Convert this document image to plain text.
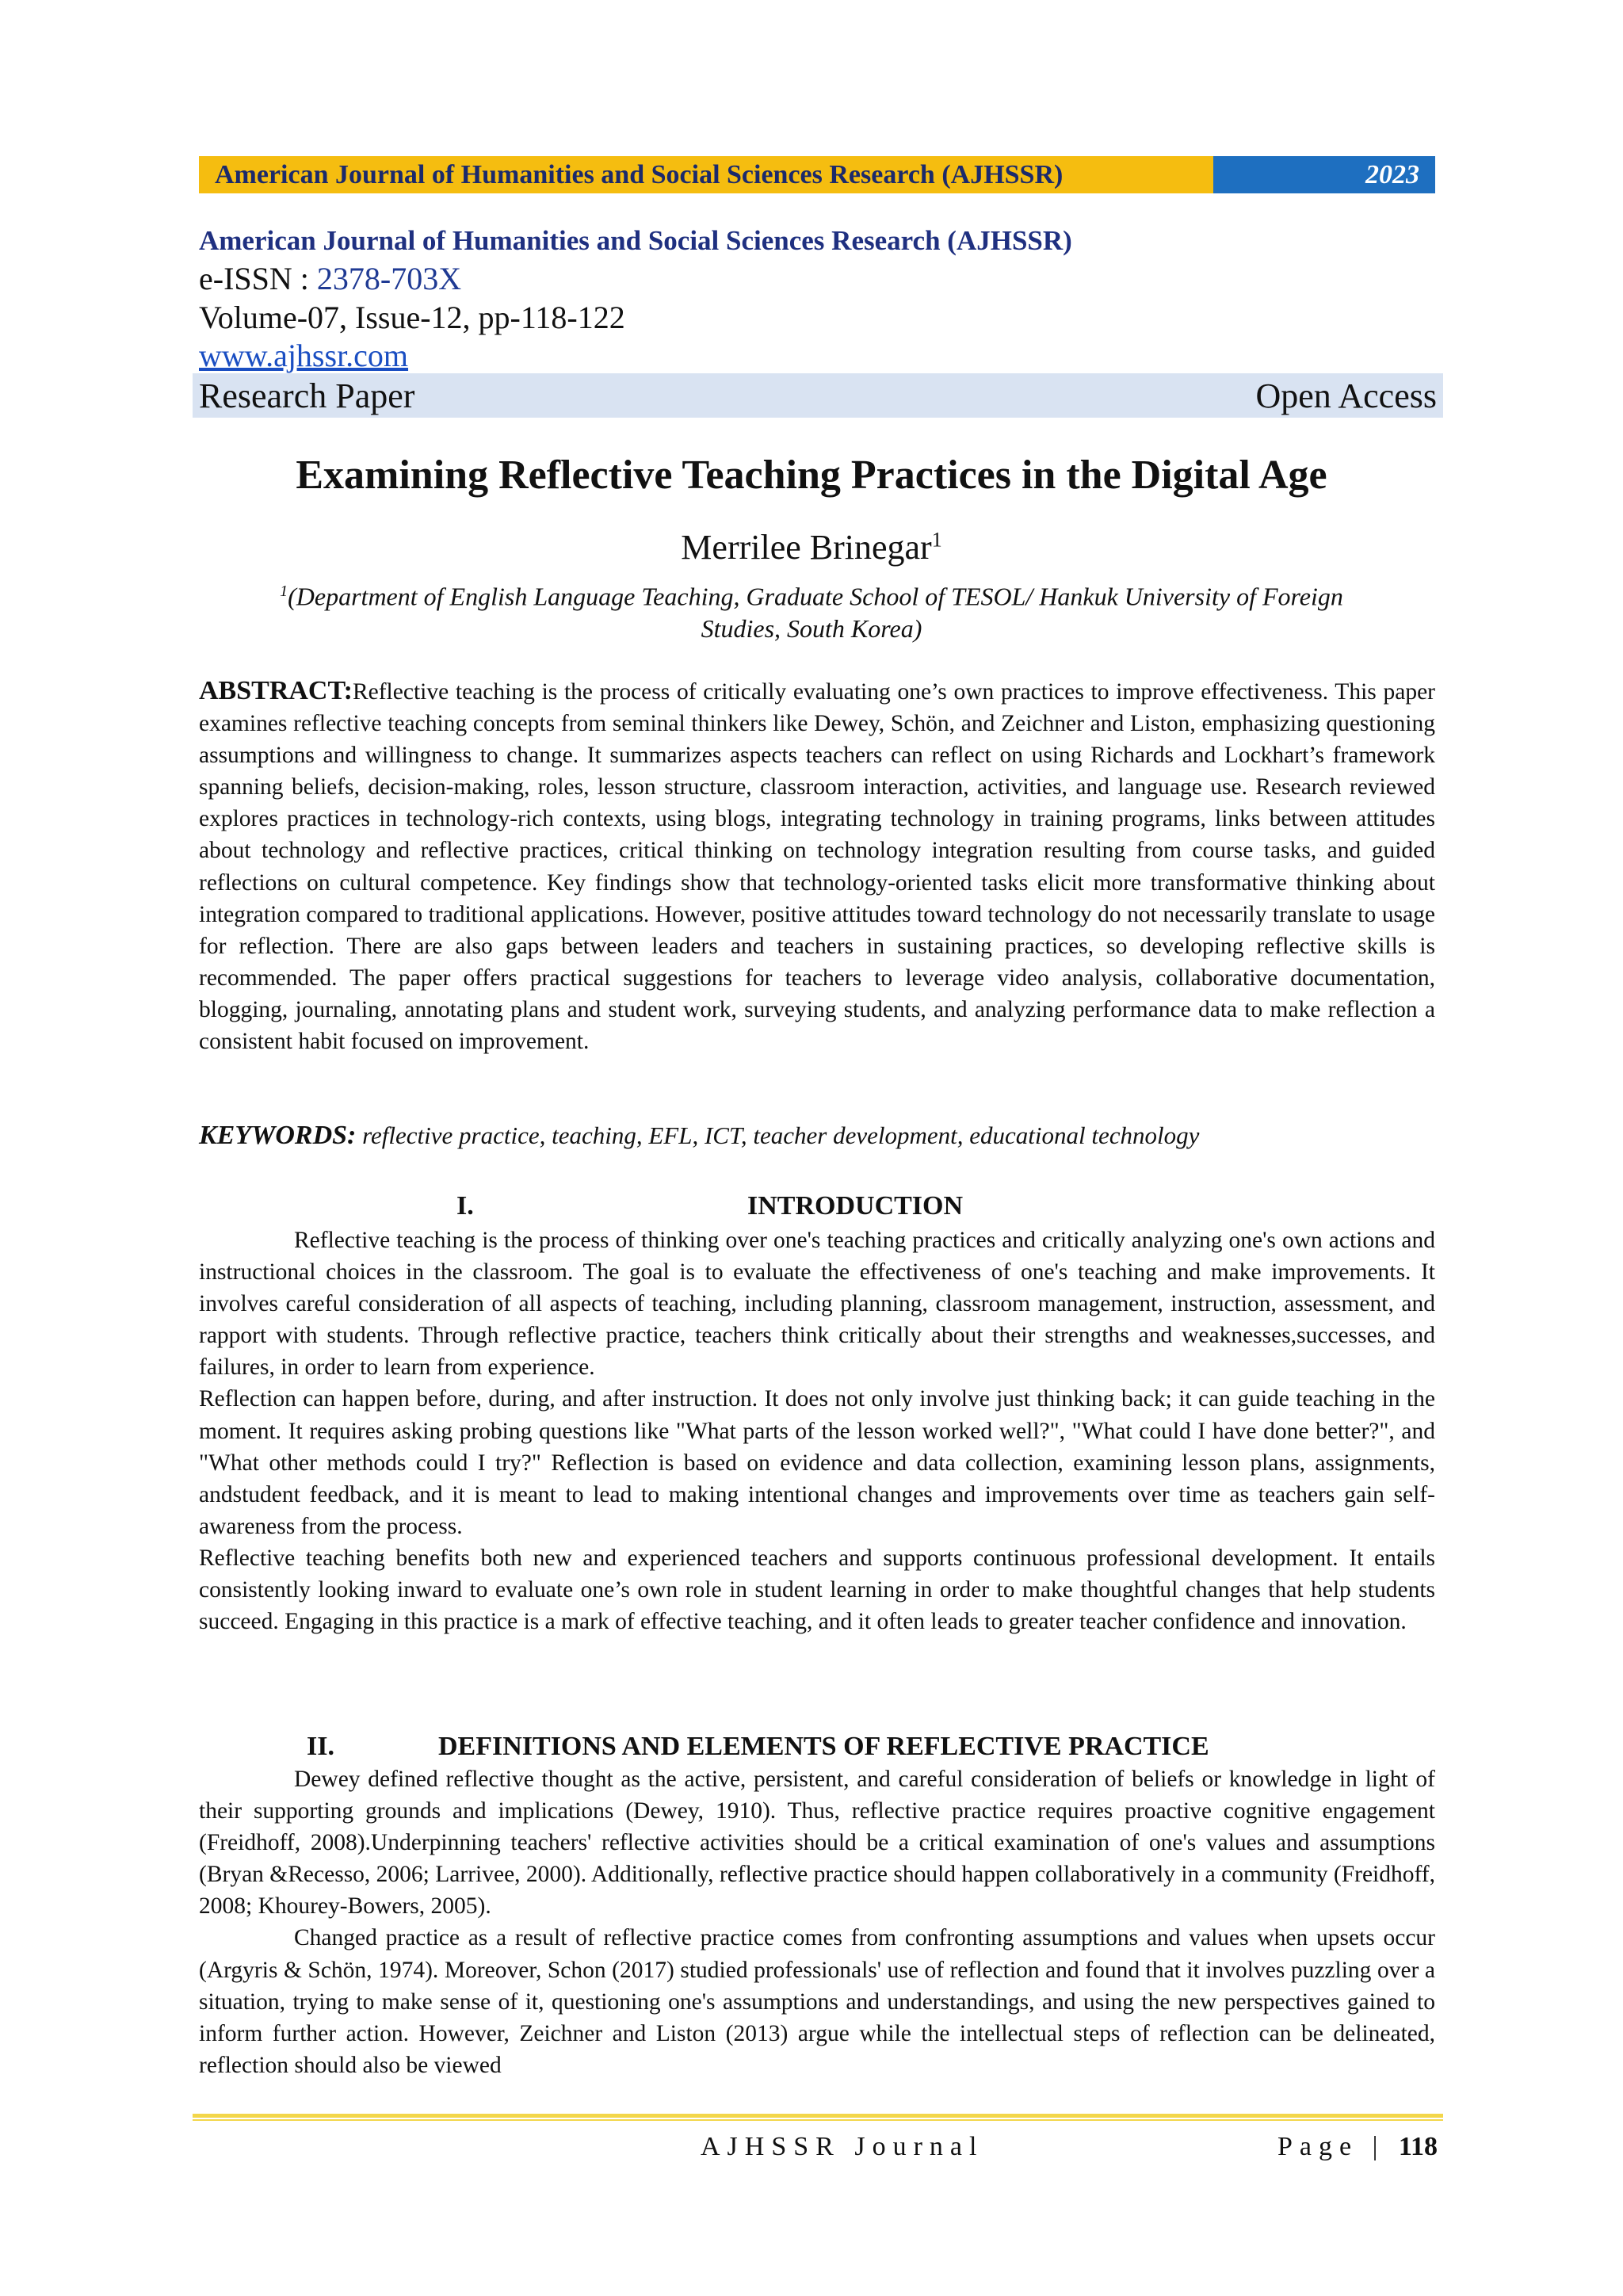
American Journal of Humanities and Social Sciences Research (AJHSSR)	2023
American Journal of Humanities and Social Sciences Research (AJHSSR)
e-ISSN : 2378-703X
Volume-07, Issue-12, pp-118-122
www.ajhssr.com
Research Paper	Open Access
Examining Reflective Teaching Practices in the Digital Age
Merrilee Brinegar$^1$
$^1$(Department of English Language Teaching, Graduate School of TESOL/ Hankuk University of Foreign
Studies, South Korea)

ABSTRACT:Reflective teaching is the process of critically evaluating one’s own practices to improve effectiveness. This paper examines reflective teaching concepts from seminal thinkers like Dewey, Schön, and Zeichner and Liston, emphasizing questioning assumptions and willingness to change. It summarizes aspects teachers can reflect on using Richards and Lockhart’s framework spanning beliefs, decision-making, roles, lesson structure, classroom interaction, activities, and language use. Research reviewed explores practices in technology-rich contexts, using blogs, integrating technology in training programs, links between attitudes about technology and reflective practices, critical thinking on technology integration resulting from course tasks, and guided reflections on cultural competence. Key findings show that technology-oriented tasks elicit more transformative thinking about integration compared to traditional applications. However, positive attitudes toward technology do not necessarily translate to usage for reflection. There are also gaps between leaders and teachers in sustaining practices, so developing reflective skills is recommended. The paper offers practical suggestions for teachers to leverage video analysis, collaborative documentation, blogging, journaling, annotating plans and student work, surveying students, and analyzing performance data to make reflection a consistent habit focused on improvement.

KEYWORDS: reflective practice, teaching, EFL, ICT, teacher development, educational technology
I.	INTRODUCTION

Reflective teaching is the process of thinking over one's teaching practices and critically analyzing one's own actions and instructional choices in the classroom. The goal is to evaluate the effectiveness of one's teaching and make improvements. It involves careful consideration of all aspects of teaching, including planning, classroom management, instruction, assessment, and rapport with students. Through reflective practice, teachers think critically about their strengths and weaknesses,successes, and failures, in order to learn from experience.

Reflection can happen before, during, and after instruction. It does not only involve just thinking back; it can guide teaching in the moment. It requires asking probing questions like "What parts of the lesson worked well?", "What could I have done better?", and "What other methods could I try?" Reflection is based on evidence and data collection, examining lesson plans, assignments, andstudent feedback, and it is meant to lead to making intentional changes and improvements over time as teachers gain self-awareness from the process.

Reflective teaching benefits both new and experienced teachers and supports continuous professional development. It entails consistently looking inward to evaluate one’s own role in student learning in order to make thoughtful changes that help students succeed. Engaging in this practice is a mark of effective teaching, and it often leads to greater teacher confidence and innovation.

II.	DEFINITIONS AND ELEMENTS OF REFLECTIVE PRACTICE

Dewey defined reflective thought as the active, persistent, and careful consideration of beliefs or knowledge in light of their supporting grounds and implications (Dewey, 1910). Thus, reflective practice requires proactive cognitive engagement (Freidhoff, 2008).Underpinning teachers' reflective activities should be a critical examination of one's values and assumptions (Bryan &Recesso, 2006; Larrivee, 2000). Additionally, reflective practice should happen collaboratively in a community (Freidhoff, 2008; Khourey-Bowers, 2005).

Changed practice as a result of reflective practice comes from confronting assumptions and values when upsets occur (Argyris & Schön, 1974). Moreover, Schon (2017) studied professionals' use of reflection and found that it involves puzzling over a situation, trying to make sense of it, questioning one's assumptions and understandings, and using the new perspectives gained to inform further action. However, Zeichner and Liston (2013) argue while the intellectual steps of reflection can be delineated, reflection should also be viewed

AJHSSR Journal	Page | 118
